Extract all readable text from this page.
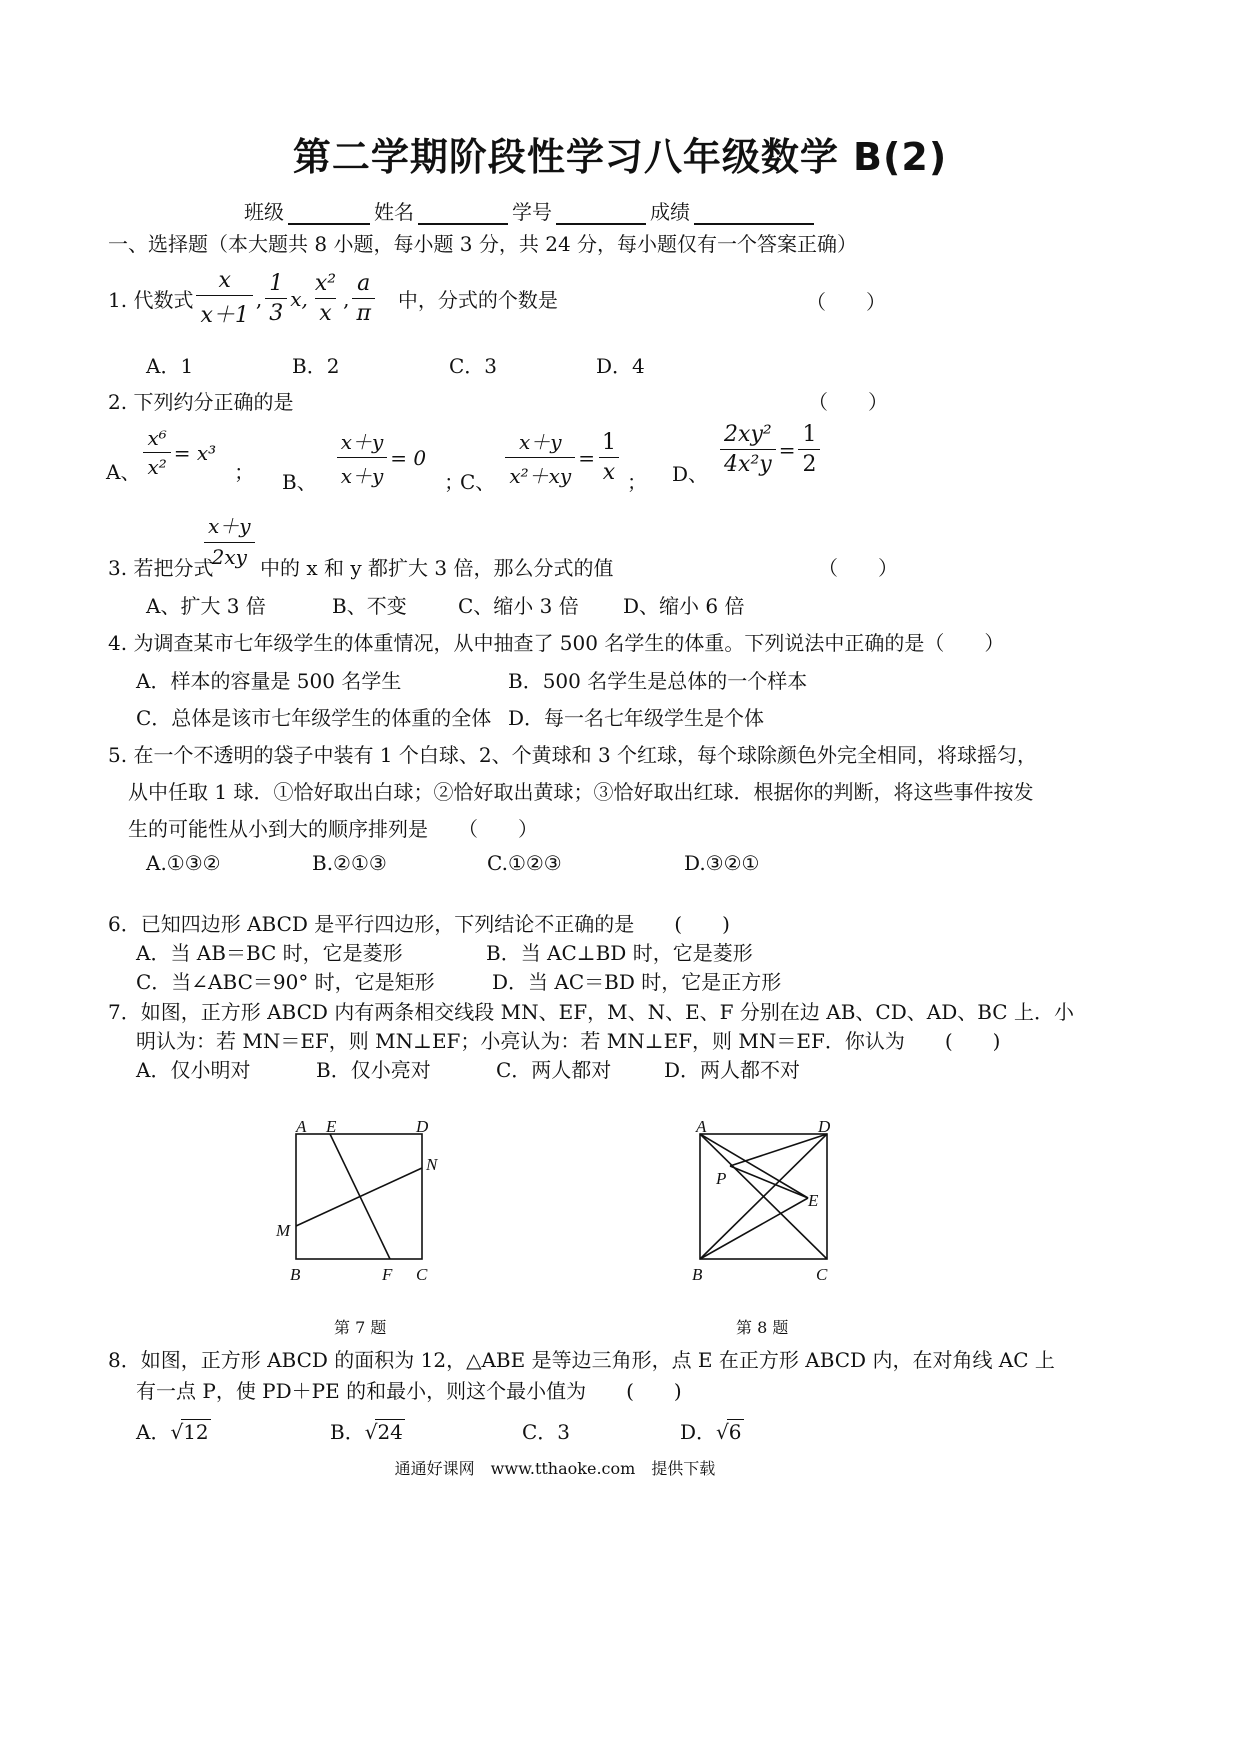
第二学期阶段性学习八年级数学 B(2)
班级	姓名	学号	成绩
一、选择题（本大题共 8 小题，每小题 3 分，共 24 分，每小题仅有一个答案正确）
1. 代数式 $\frac{x}{x+1}$ , $\frac{1}{3} x$, $\frac{\text{x²}}{x}$ , $\frac{a}{\pi}$ 中，分式的个数是	（　　）
A．1	B．2	C．3	D．4
2. 下列约分正确的是	（　　）
A、 $\frac{\text{x⁶}}{\text{x²}} = x^3$
； B、 $\frac{x+y}{x+y} = 0$
；
C、 $\frac{x+y}{\text{x²＋xy}} = \frac{1}{x}$ ； D、 $\frac{\text{2xy²}}{\text{4x²y}} = \frac{1}{2}$
x＋y
2xy
3. 若把分式 中的 x 和 y 都扩大 3 倍，那么分式的值	（　　）
A、扩大 3 倍	B、不变	C、缩小 3 倍 D、缩小 6 倍
4. 为调查某市七年级学生的体重情况，从中抽查了 500 名学生的体重。下列说法中正确的是（　　）
A．样本的容量是 500 名学生	B．500 名学生是总体的一个样本
C．总体是该市七年级学生的体重的全体 D．每一名七年级学生是个体
5. 在一个不透明的袋子中装有 1 个白球、2、个黄球和 3 个红球，每个球除颜色外完全相同，将球摇匀，
从中任取 1 球．①恰好取出白球；②恰好取出黄球；③恰好取出红球．根据你的判断，将这些事件按发
生的可能性从小到大的顺序排列是　　（　　）
A.①③②	B.②①③	C.①②③	D.③②①
6．已知四边形 ABCD 是平行四边形，下列结论不正确的是　　(　　)
A．当 AB＝BC 时，它是菱形	B．当 AC⊥BD 时，它是菱形
C．当∠ABC＝90° 时，它是矩形	D．当 AC＝BD 时，它是正方形
7．如图，正方形 ABCD 内有两条相交线段 MN、EF，M、N、E、F 分别在边 AB、CD、AD、BC 上．小
明认为：若 MN＝EF，则 MN⊥EF；小亮认为：若 MN⊥EF，则 MN＝EF．你认为　　(　　)
A．仅小明对	B．仅小亮对	C．两人都对	D．两人都不对
A E	D
N
M
B	F C
第 7 题
A	D
P
E
B	C
第 8 题
8．如图，正方形 ABCD 的面积为 12，△ABE 是等边三角形，点 E 在正方形 ABCD 内，在对角线 AC 上
有一点 P，使 PD＋PE 的和最小，则这个最小值为　　(　　)
A．√12	B．√24	C．3	D．√6
通通好课网　www.tthaoke.com　提供下载
